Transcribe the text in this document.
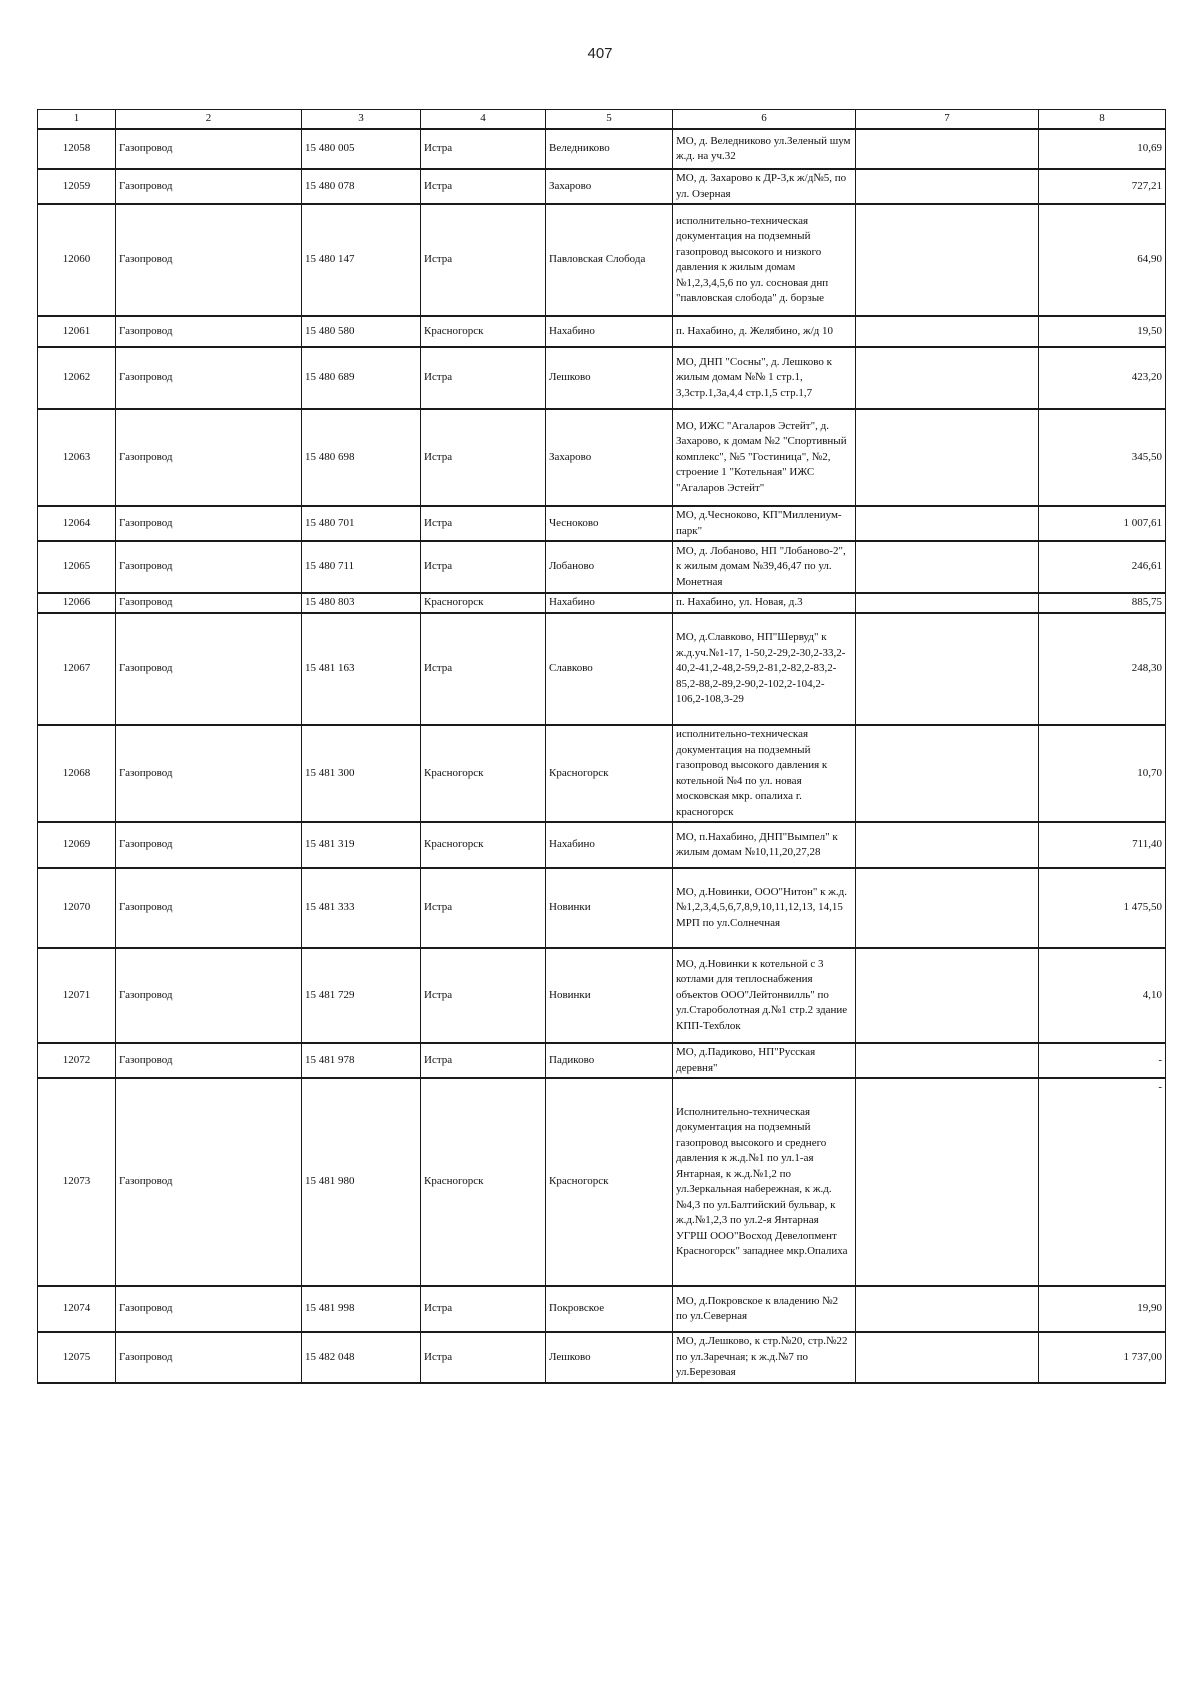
407
1	2	3	4	5	6	7	8
12058	Газопровод	15 480 005	Истра	Веледниково	МО, д. Веледниково ул.Зеленый шум ж.д. на уч.32		10,69
12059	Газопровод	15 480 078	Истра	Захарово	МО, д. Захарово к ДР-3,к ж/д№5, по ул. Озерная		727,21
12060	Газопровод	15 480 147	Истра	Павловская Слобода	исполнительно-техническая документация на подземный газопровод высокого и низкого давления к жилым домам №1,2,3,4,5,6 по ул. сосновая днп "павловская слобода" д. борзые		64,90
12061	Газопровод	15 480 580	Красногорск	Нахабино	п. Нахабино, д. Желябино, ж/д 10		19,50
12062	Газопровод	15 480 689	Истра	Лешково	МО, ДНП "Сосны", д. Лешково к жилым домам №№ 1 стр.1, 3,3стр.1,3а,4,4 стр.1,5 стр.1,7		423,20
12063	Газопровод	15 480 698	Истра	Захарово	МО, ИЖС "Агаларов Эстейт", д. Захарово, к домам №2 "Спортивный комплекс", №5 "Гостиница", №2, строение 1 "Котельная" ИЖС "Агаларов Эстейт"		345,50
12064	Газопровод	15 480 701	Истра	Чесноково	МО, д.Чесноково, КП"Миллениум-парк"		1 007,61
12065	Газопровод	15 480 711	Истра	Лобаново	МО, д. Лобаново, НП "Лобаново-2", к жилым домам №39,46,47 по ул. Монетная		246,61
12066	Газопровод	15 480 803	Красногорск	Нахабино	п. Нахабино, ул. Новая, д.3		885,75
12067	Газопровод	15 481 163	Истра	Славково	МО, д.Славково, НП"Шервуд" к ж.д.уч.№1-17, 1-50,2-29,2-30,2-33,2-40,2-41,2-48,2-59,2-81,2-82,2-83,2-85,2-88,2-89,2-90,2-102,2-104,2-106,2-108,3-29		248,30
12068	Газопровод	15 481 300	Красногорск	Красногорск	исполнительно-техническая документация на подземный газопровод высокого давления к котельной №4 по ул. новая московская мкр. опалиха г. красногорск		10,70
12069	Газопровод	15 481 319	Красногорск	Нахабино	МО, п.Нахабино, ДНП"Вымпел" к жилым домам №10,11,20,27,28		711,40
12070	Газопровод	15 481 333	Истра	Новинки	МО, д.Новинки, ООО"Нитон" к ж.д.№1,2,3,4,5,6,7,8,9,10,11,12,13, 14,15 МРП по ул.Солнечная		1 475,50
12071	Газопровод	15 481 729	Истра	Новинки	МО, д.Новинки к котельной с 3 котлами для теплоснабжения объектов ООО"Лейтонвилль" по ул.Староболотная д.№1 стр.2 здание КПП-Техблок		4,10
12072	Газопровод	15 481 978	Истра	Падиково	МО, д.Падиково, НП"Русская деревня"		-
12073	Газопровод	15 481 980	Красногорск	Красногорск	Исполнительно-техническая документация на подземный газопровод высокого и среднего давления к ж.д.№1 по ул.1-ая Янтарная, к ж.д.№1,2 по ул.Зеркальная набережная, к ж.д.№4,3 по ул.Балтийский бульвар, к ж.д.№1,2,3 по ул.2-я Янтарная УГРШ ООО"Восход Девелопмент Красногорск" западнее мкр.Опалиха		-
12074	Газопровод	15 481 998	Истра	Покровское	МО, д.Покровское к владению №2 по ул.Северная		19,90
12075	Газопровод	15 482 048	Истра	Лешково	МО, д.Лешково, к стр.№20, стр.№22 по ул.Заречная; к ж.д.№7 по ул.Березовая		1 737,00
